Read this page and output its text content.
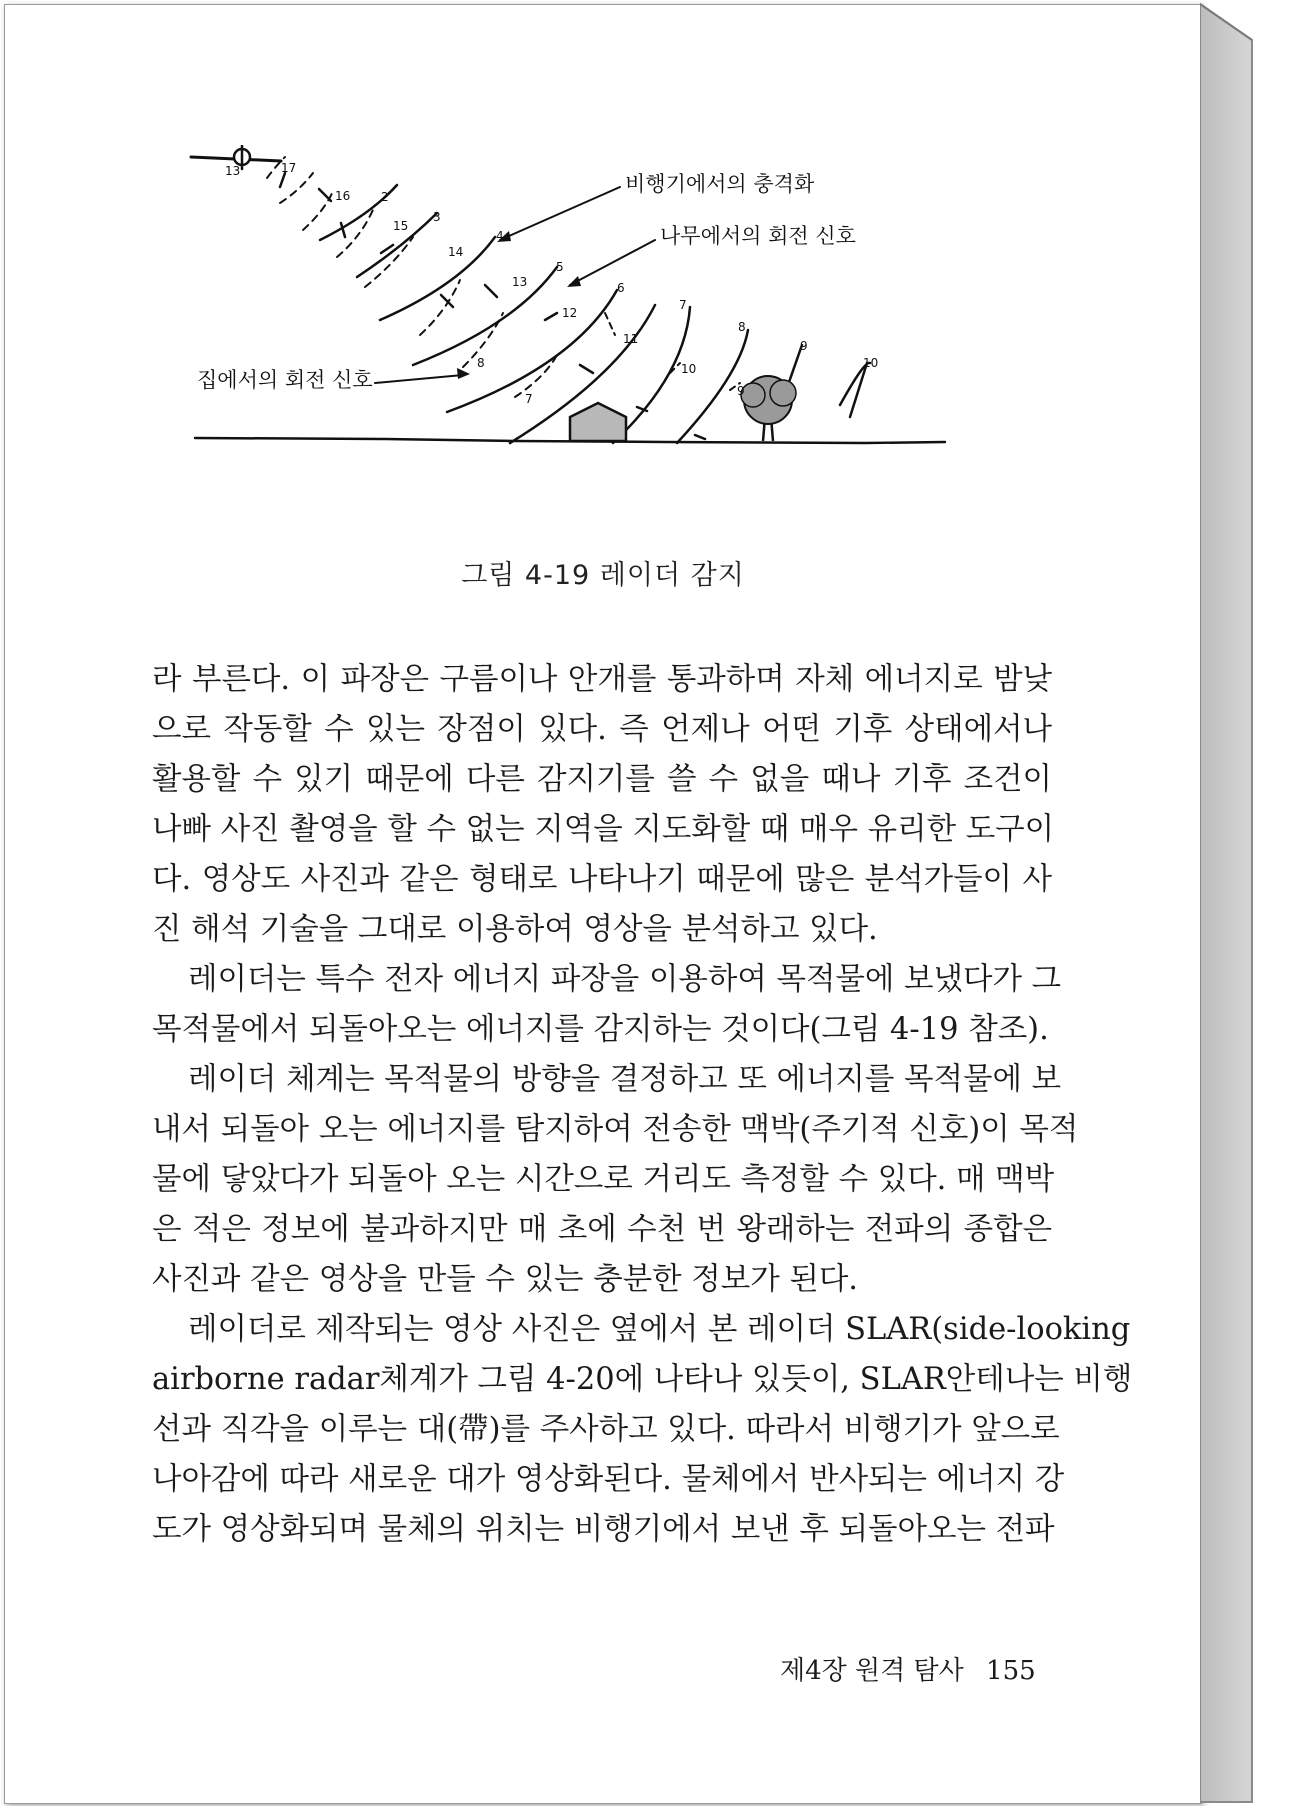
13
2
3
4
5
6
7
8
9
10
17
16
15
14
13
12
11
10
9
8
7
비행기에서의 충격화
나무에서의 회전 신호
집에서의 회전 신호
그림 4-19 레이더 감지
라 부른다. 이 파장은 구름이나 안개를 통과하며 자체 에너지로 밤낮
으로 작동할 수 있는 장점이 있다. 즉 언제나 어떤 기후 상태에서나
활용할 수 있기 때문에 다른 감지기를 쓸 수 없을 때나 기후 조건이
나빠 사진 촬영을 할 수 없는 지역을 지도화할 때 매우 유리한 도구이
다. 영상도 사진과 같은 형태로 나타나기 때문에 많은 분석가들이 사
진 해석 기술을 그대로 이용하여 영상을 분석하고 있다.
레이더는 특수 전자 에너지 파장을 이용하여 목적물에 보냈다가 그
목적물에서 되돌아오는 에너지를 감지하는 것이다(그림 4-19 참조).
레이더 체계는 목적물의 방향을 결정하고 또 에너지를 목적물에 보
내서 되돌아 오는 에너지를 탐지하여 전송한 맥박(주기적 신호)이 목적
물에 닿았다가 되돌아 오는 시간으로 거리도 측정할 수 있다. 매 맥박
은 적은 정보에 불과하지만 매 초에 수천 번 왕래하는 전파의 종합은
사진과 같은 영상을 만들 수 있는 충분한 정보가 된다.
레이더로 제작되는 영상 사진은 옆에서 본 레이더 SLAR(side-looking
airborne radar체계가 그림 4-20에 나타나 있듯이, SLAR안테나는 비행
선과 직각을 이루는 대(帶)를 주사하고 있다. 따라서 비행기가 앞으로
나아감에 따라 새로운 대가 영상화된다. 물체에서 반사되는 에너지 강
도가 영상화되며 물체의 위치는 비행기에서 보낸 후 되돌아오는 전파
제4장 원격 탐사 155
